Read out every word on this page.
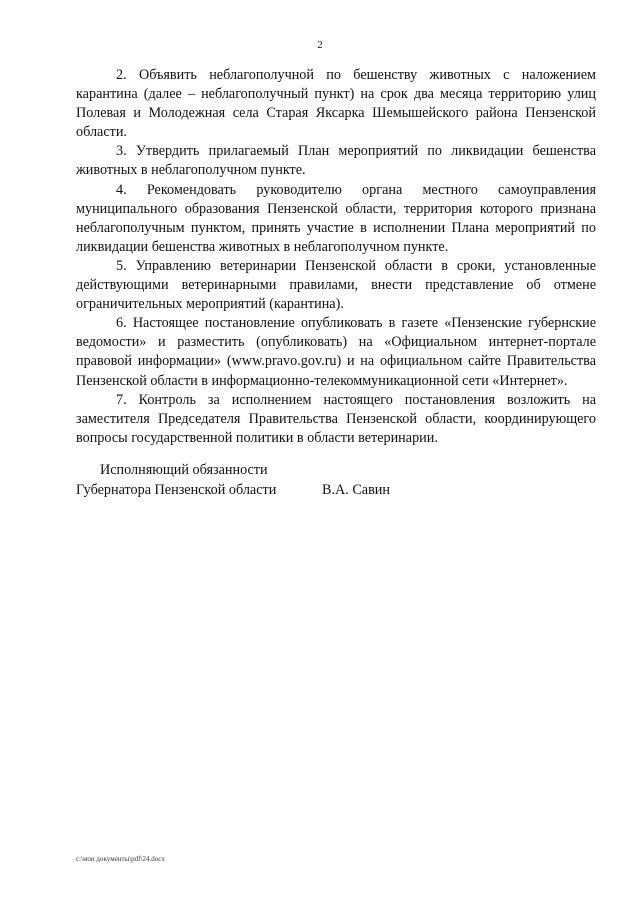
2

2. Объявить неблагополучной по бешенству животных с наложением карантина (далее – неблагополучный пункт) на срок два месяца территорию улиц Полевая и Молодежная села Старая Яксарка Шемышейского района Пензенской области.

3. Утвердить прилагаемый План мероприятий по ликвидации бешенства животных в неблагополучном пункте.

4. Рекомендовать руководителю органа местного самоуправления муниципального образования Пензенской области, территория которого признана неблагополучным пунктом, принять участие в исполнении Плана мероприятий по ликвидации бешенства животных в неблагополучном пункте.

5. Управлению ветеринарии Пензенской области в сроки, установленные действующими ветеринарными правилами, внести представление об отмене ограничительных мероприятий (карантина).

6. Настоящее постановление опубликовать в газете «Пензенские губернские ведомости» и разместить (опубликовать) на «Официальном интернет-портале правовой информации» (www.pravo.gov.ru) и на официальном сайте Правительства Пензенской области в информационно-телекоммуникационной сети «Интернет».

7. Контроль за исполнением настоящего постановления возложить на заместителя Председателя Правительства Пензенской области, координирующего вопросы государственной политики в области ветеринарии.

Исполняющий обязанности
Губернатора Пензенской области	В.А. Савин
c:\мои документы\pdf\24.docx
